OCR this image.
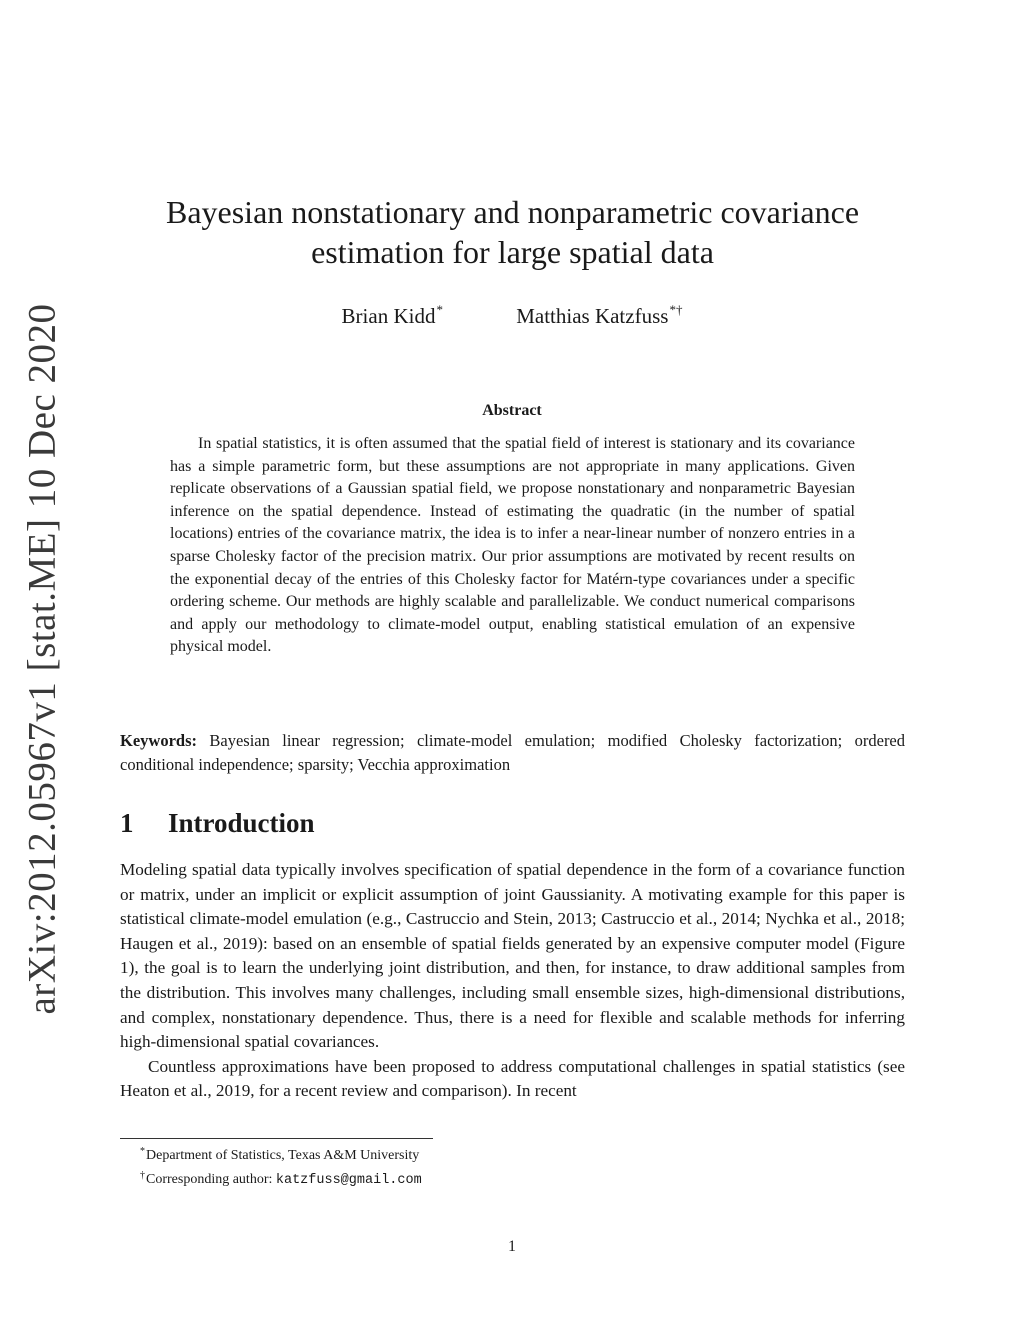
arXiv:2012.05967v1 [stat.ME] 10 Dec 2020
Bayesian nonstationary and nonparametric covariance
estimation for large spatial data
Brian Kidd*	Matthias Katzfuss*†
Abstract

In spatial statistics, it is often assumed that the spatial field of interest is stationary and its covariance has a simple parametric form, but these assumptions are not appropriate in many applications. Given replicate observations of a Gaussian spatial field, we propose nonstationary and nonparametric Bayesian inference on the spatial dependence. Instead of estimating the quadratic (in the number of spatial locations) entries of the covariance matrix, the idea is to infer a near-linear number of nonzero entries in a sparse Cholesky factor of the precision matrix. Our prior assumptions are motivated by recent results on the exponential decay of the entries of this Cholesky factor for Matérn-type covariances under a specific ordering scheme. Our methods are highly scalable and parallelizable. We conduct numerical comparisons and apply our methodology to climate-model output, enabling statistical emulation of an expensive physical model.

Keywords: Bayesian linear regression; climate-model emulation; modified Cholesky factorization; ordered conditional independence; sparsity; Vecchia approximation

1 Introduction

Modeling spatial data typically involves specification of spatial dependence in the form of a covariance function or matrix, under an implicit or explicit assumption of joint Gaussianity. A motivating example for this paper is statistical climate-model emulation (e.g., Castruccio and Stein, 2013; Castruccio et al., 2014; Nychka et al., 2018; Haugen et al., 2019): based on an ensemble of spatial fields generated by an expensive computer model (Figure 1), the goal is to learn the underlying joint distribution, and then, for instance, to draw additional samples from the distribution. This involves many challenges, including small ensemble sizes, high-dimensional distributions, and complex, nonstationary dependence. Thus, there is a need for flexible and scalable methods for inferring high-dimensional spatial covariances.

Countless approximations have been proposed to address computational challenges in spatial statistics (see Heaton et al., 2019, for a recent review and comparison). In recent

*Department of Statistics, Texas A&M University
†Corresponding author: katzfuss@gmail.com
1
